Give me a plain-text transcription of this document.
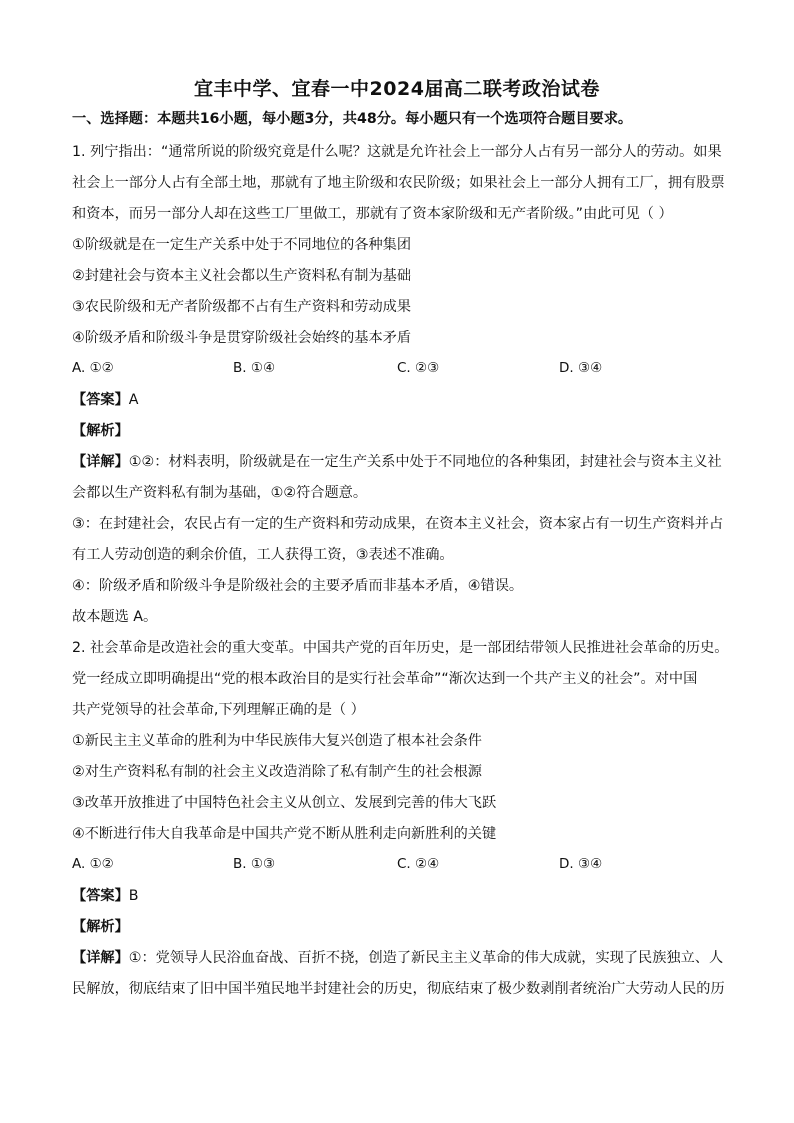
宜丰中学、宜春一中2024届高二联考政治试卷
一、选择题：本题共16小题，每小题3分，共48分。每小题只有一个选项符合题目要求。
1. 列宁指出：“通常所说的阶级究竟是什么呢？这就是允许社会上一部分人占有另一部分人的劳动。如果
社会上一部分人占有全部土地，那就有了地主阶级和农民阶级；如果社会上一部分人拥有工厂，拥有股票
和资本，而另一部分人却在这些工厂里做工，那就有了资本家阶级和无产者阶级。”由此可见（ ）
①阶级就是在一定生产关系中处于不同地位的各种集团
②封建社会与资本主义社会都以生产资料私有制为基础
③农民阶级和无产者阶级都不占有生产资料和劳动成果
④阶级矛盾和阶级斗争是贯穿阶级社会始终的基本矛盾
A. ①②	B. ①④	C. ②③	D. ③④
【答案】A
【解析】
【详解】①②：材料表明，阶级就是在一定生产关系中处于不同地位的各种集团，封建社会与资本主义社
会都以生产资料私有制为基础，①②符合题意。
③：在封建社会，农民占有一定的生产资料和劳动成果，在资本主义社会，资本家占有一切生产资料并占
有工人劳动创造的剩余价值，工人获得工资，③表述不准确。
④：阶级矛盾和阶级斗争是阶级社会的主要矛盾而非基本矛盾，④错误。
故本题选 A。
2. 社会革命是改造社会的重大变革。中国共产党的百年历史，是一部团结带领人民推进社会革命的历史。
党一经成立即明确提出“党的根本政治目的是实行社会革命”“渐次达到一个共产主义的社会”。对中国
共产党领导的社会革命,下列理解正确的是（ ）
①新民主主义革命的胜利为中华民族伟大复兴创造了根本社会条件
②对生产资料私有制的社会主义改造消除了私有制产生的社会根源
③改革开放推进了中国特色社会主义从创立、发展到完善的伟大飞跃
④不断进行伟大自我革命是中国共产党不断从胜利走向新胜利的关键
A. ①②	B. ①③	C. ②④	D. ③④
【答案】B
【解析】
【详解】①：党领导人民浴血奋战、百折不挠，创造了新民主主义革命的伟大成就，实现了民族独立、人
民解放，彻底结束了旧中国半殖民地半封建社会的历史，彻底结束了极少数剥削者统治广大劳动人民的历
